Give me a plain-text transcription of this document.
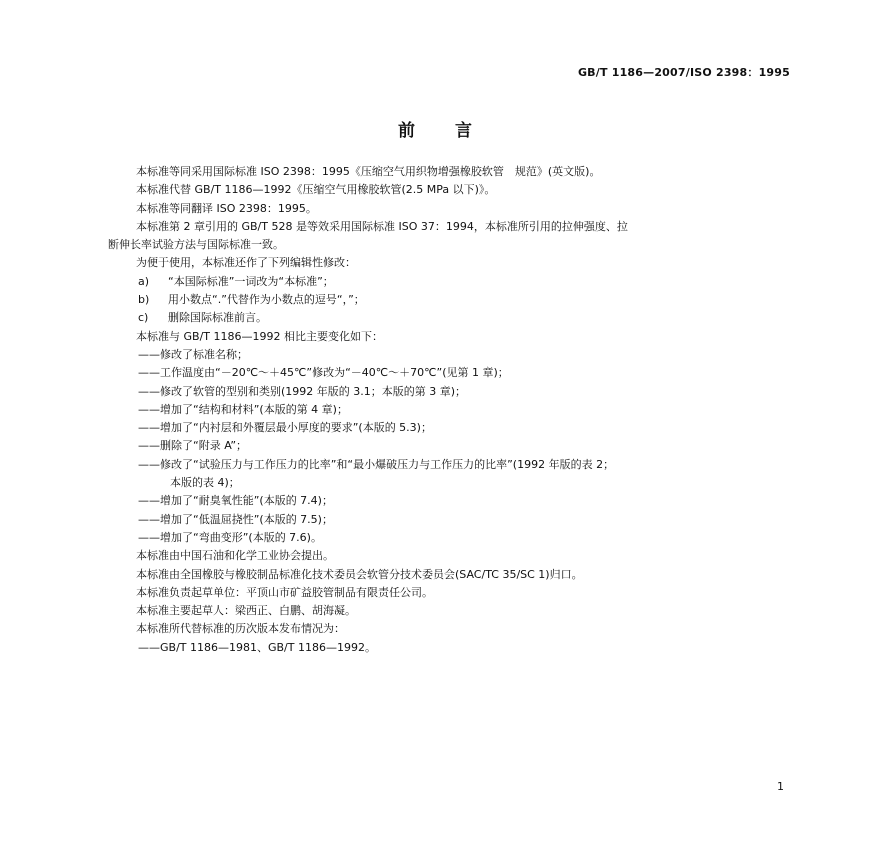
GB/T 1186—2007/ISO 2398：1995
前言
本标准等同采用国际标准 ISO 2398：1995《压缩空气用织物增强橡胶软管　规范》(英文版)。
本标准代替 GB/T 1186—1992《压缩空气用橡胶软管(2.5 MPa 以下)》。
本标准等同翻译 ISO 2398：1995。
本标准第 2 章引用的 GB/T 528 是等效采用国际标准 ISO 37：1994，本标准所引用的拉伸强度、拉
断伸长率试验方法与国际标准一致。
为便于使用，本标准还作了下列编辑性修改：
a) “本国际标准”一词改为“本标准”；
b) 用小数点“.”代替作为小数点的逗号“，”；
c) 删除国际标准前言。
本标准与 GB/T 1186—1992 相比主要变化如下：
——修改了标准名称；
——工作温度由“－20℃～＋45℃”修改为“－40℃～＋70℃”(见第 1 章)；
——修改了软管的型别和类别(1992 年版的 3.1；本版的第 3 章)；
——增加了“结构和材料”(本版的第 4 章)；
——增加了“内衬层和外覆层最小厚度的要求”(本版的 5.3)；
——删除了“附录 A”；
——修改了“试验压力与工作压力的比率”和“最小爆破压力与工作压力的比率”(1992 年版的表 2；
本版的表 4)；
——增加了“耐臭氧性能”(本版的 7.4)；
——增加了“低温屈挠性”(本版的 7.5)；
——增加了“弯曲变形”(本版的 7.6)。
本标准由中国石油和化学工业协会提出。
本标准由全国橡胶与橡胶制品标准化技术委员会软管分技术委员会(SAC/TC 35/SC 1)归口。
本标准负责起草单位：平顶山市矿益胶管制品有限责任公司。
本标准主要起草人：梁西正、白鹏、胡海凝。
本标准所代替标准的历次版本发布情况为：
——GB/T 1186—1981、GB/T 1186—1992。
1
